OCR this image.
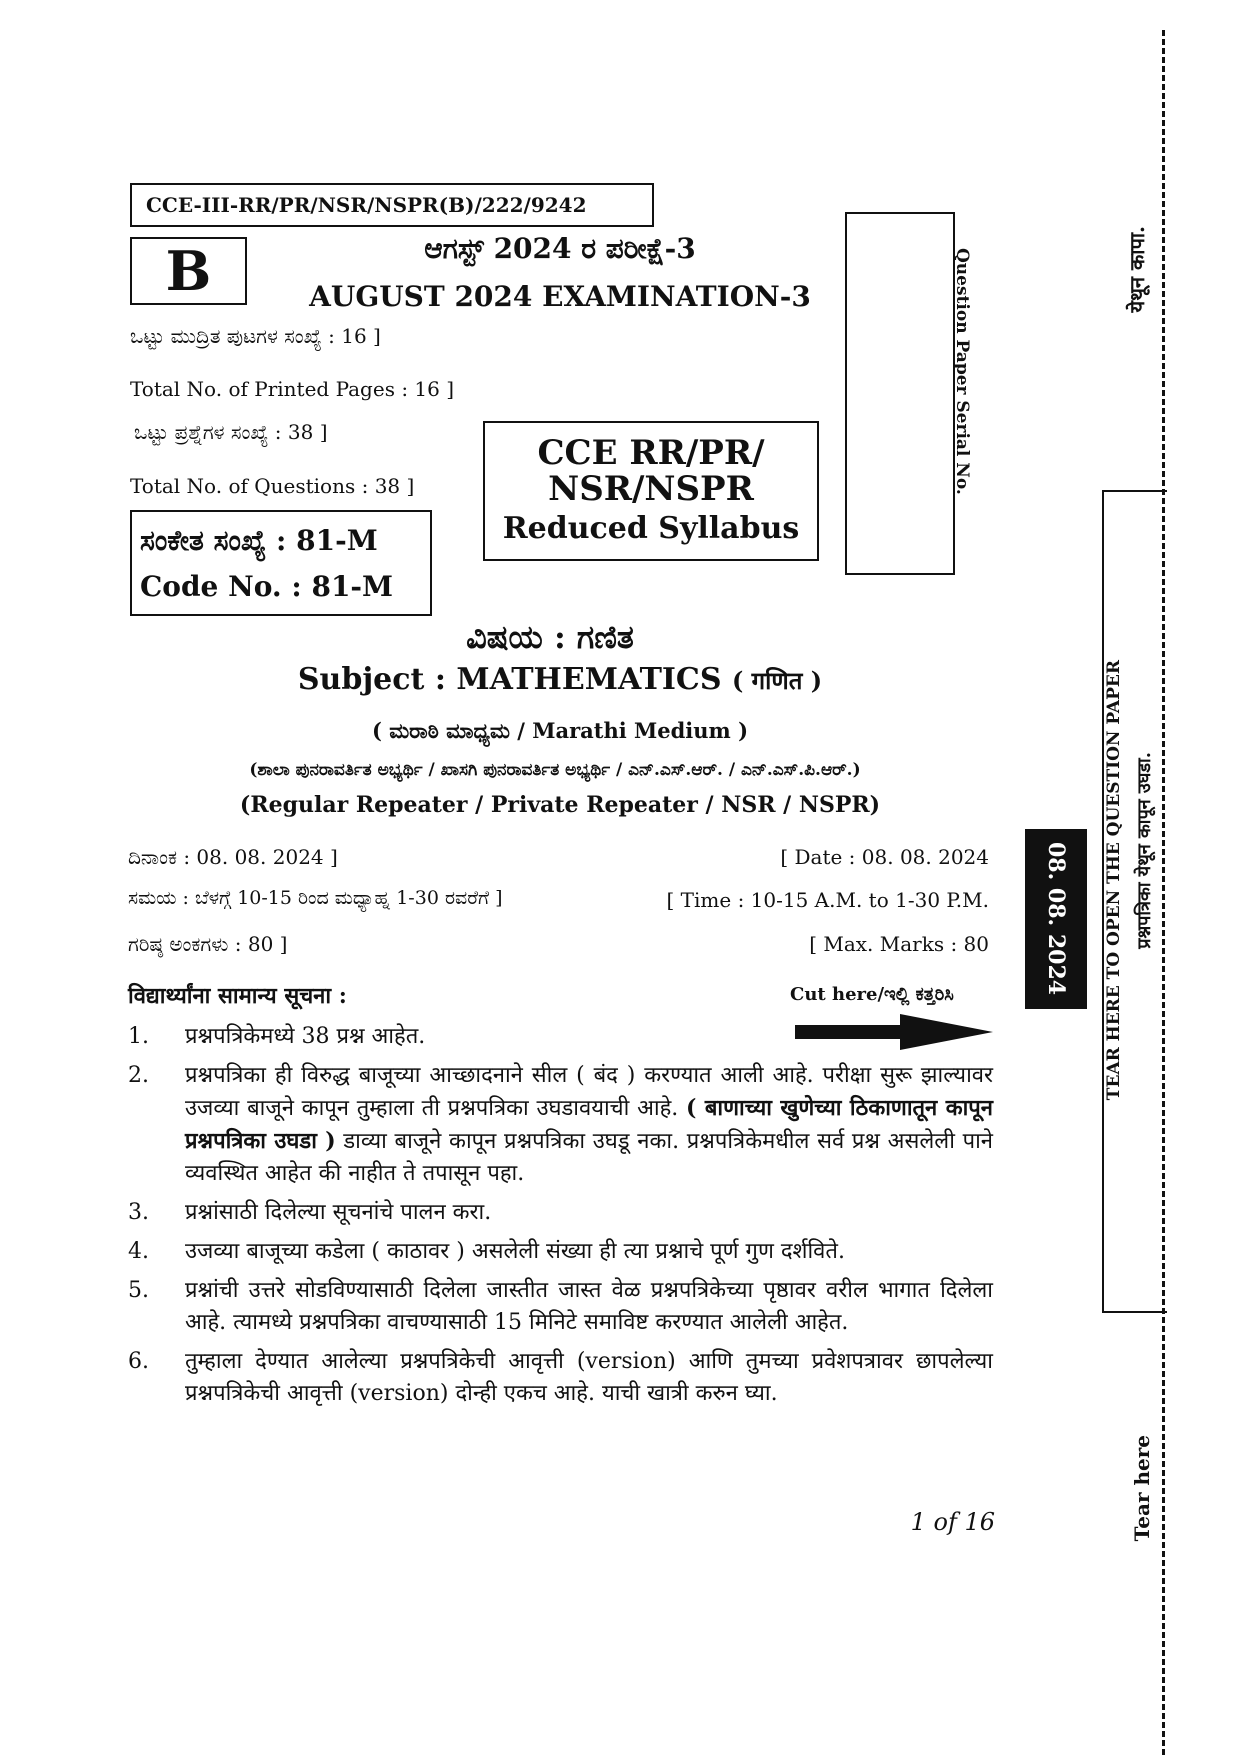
CCE-III-RR/PR/NSR/NSPR(B)/222/9242
B	ಆಗಸ್ಟ್ 2024 ರ ಪರೀಕ್ಷೆ-3
AUGUST 2024 EXAMINATION-3
ಒಟ್ಟು ಮುದ್ರಿತ ಪುಟಗಳ ಸಂಖ್ಯೆ : 16 ]
Total No. of Printed Pages : 16 ]
ಒಟ್ಟು ಪ್ರಶ್ನೆಗಳ ಸಂಖ್ಯೆ : 38 ]
Total No. of Questions : 38 ]
ಸಂಕೇತ ಸಂಖ್ಯೆ : 81-M
Code No. : 81-M
CCE RR/PR/
NSR/NSPR
Reduced Syllabus
Question Paper Serial No.
ವಿಷಯ : ಗಣಿತ
Subject : MATHEMATICS ( गणित )
( ಮರಾಠಿ ಮಾಧ್ಯಮ / Marathi Medium )
(ಶಾಲಾ ಪುನರಾವರ್ತಿತ ಅಭ್ಯರ್ಥಿ / ಖಾಸಗಿ ಪುನರಾವರ್ತಿತ ಅಭ್ಯರ್ಥಿ / ಎನ್.ಎಸ್.ಆರ್. / ಎನ್.ಎಸ್.ಪಿ.ಆರ್.)
(Regular Repeater / Private Repeater / NSR / NSPR)
ದಿನಾಂಕ : 08. 08. 2024 ]	[ Date : 08. 08. 2024
ಸಮಯ : ಬೆಳಗ್ಗೆ 10-15 ರಿಂದ ಮಧ್ಯಾಹ್ನ 1-30 ರವರೆಗೆ ]	[ Time : 10-15 A.M. to 1-30 P.M.
ಗರಿಷ್ಠ ಅಂಕಗಳು : 80 ]	[ Max. Marks : 80
विद्यार्थ्यांना सामान्य सूचना :	Cut here/ಇಲ್ಲಿ ಕತ್ತರಿಸಿ
1. प्रश्नपत्रिकेमध्ये 38 प्रश्न आहेत.
2. प्रश्नपत्रिका ही विरुद्ध बाजूच्या आच्छादनाने सील ( बंद ) करण्यात आली आहे. परीक्षा सुरू झाल्यावर उजव्या बाजूने कापून तुम्हाला ती प्रश्नपत्रिका उघडावयाची आहे. ( बाणाच्या खुणेच्या ठिकाणातून कापून प्रश्नपत्रिका उघडा ) डाव्या बाजूने कापून प्रश्नपत्रिका उघडू नका. प्रश्नपत्रिकेमधील सर्व प्रश्न असलेली पाने व्यवस्थित आहेत की नाहीत ते तपासून पहा.
3. प्रश्नांसाठी दिलेल्या सूचनांचे पालन करा.
4. उजव्या बाजूच्या कडेला ( काठावर ) असलेली संख्या ही त्या प्रश्नाचे पूर्ण गुण दर्शविते.
5. प्रश्नांची उत्तरे सोडविण्यासाठी दिलेला जास्तीत जास्त वेळ प्रश्नपत्रिकेच्या पृष्ठावर वरील भागात दिलेला आहे. त्यामध्ये प्रश्नपत्रिका वाचण्यासाठी 15 मिनिटे समाविष्ट करण्यात आलेली आहेत.
6. तुम्हाला देण्यात आलेल्या प्रश्नपत्रिकेची आवृत्ती (version) आणि तुमच्या प्रवेशपत्रावर छापलेल्या प्रश्नपत्रिकेची आवृत्ती (version) दोन्ही एकच आहे. याची खात्री करुन घ्या.
1 of 16
येथून कापा.
TEAR HERE TO OPEN THE QUESTION PAPER प्रश्नपत्रिका येथून कापून उघडा.
08. 08. 2024
Tear here
